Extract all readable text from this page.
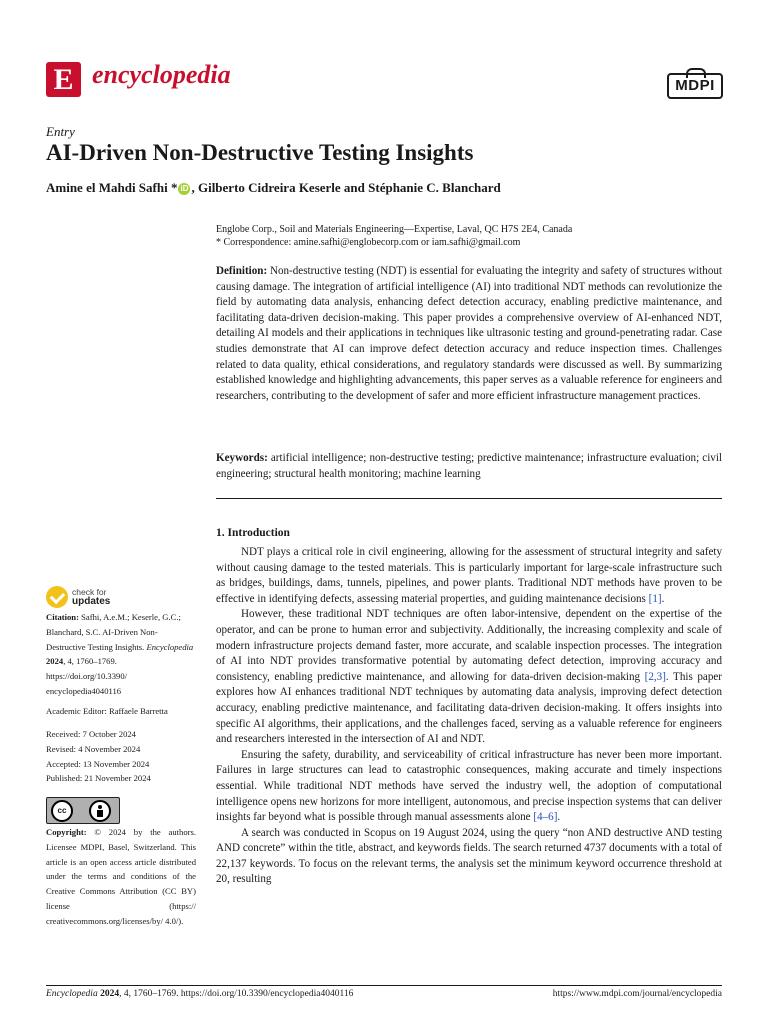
E encyclopedia	MDPI
Entry
AI-Driven Non-Destructive Testing Insights
Amine el Mahdi Safhi * iD , Gilberto Cidreira Keserle and Stéphanie C. Blanchard
Englobe Corp., Soil and Materials Engineering—Expertise, Laval, QC H7S 2E4, Canada
* Correspondence: amine.safhi@englobecorp.com or iam.safhi@gmail.com
Definition: Non-destructive testing (NDT) is essential for evaluating the integrity and safety of structures without causing damage. The integration of artificial intelligence (AI) into traditional NDT methods can revolutionize the field by automating data analysis, enhancing defect detection accuracy, enabling predictive maintenance, and facilitating data-driven decision-making. This paper provides a comprehensive overview of AI-enhanced NDT, detailing AI models and their applications in techniques like ultrasonic testing and ground-penetrating radar. Case studies demonstrate that AI can improve defect detection accuracy and reduce inspection times. Challenges related to data quality, ethical considerations, and regulatory standards were discussed as well. By summarizing established knowledge and highlighting advancements, this paper serves as a valuable reference for engineers and researchers, contributing to the development of safer and more efficient infrastructure management practices.
Keywords: artificial intelligence; non-destructive testing; predictive maintenance; infrastructure evaluation; civil engineering; structural health monitoring; machine learning
1. Introduction

NDT plays a critical role in civil engineering, allowing for the assessment of structural integrity and safety without causing damage to the tested materials. This is particularly important for large-scale infrastructure such as bridges, buildings, dams, tunnels, pipelines, and power plants. Traditional NDT methods have proven to be effective in identifying defects, assessing material properties, and guiding maintenance decisions [1].

However, these traditional NDT techniques are often labor-intensive, dependent on the expertise of the operator, and can be prone to human error and subjectivity. Additionally, the increasing complexity and scale of modern infrastructure projects demand faster, more accurate, and scalable inspection processes. The integration of AI into NDT provides transformative potential by automating defect detection, improving accuracy and consistency, enabling predictive maintenance, and allowing for data-driven decision-making [2,3]. This paper explores how AI enhances traditional NDT techniques by automating data analysis, improving defect detection accuracy, enabling predictive maintenance, and facilitating data-driven decision-making. It offers insights into specific AI algorithms, their applications, and the challenges faced, serving as a valuable reference for engineers and researchers interested in the intersection of AI and NDT.

Ensuring the safety, durability, and serviceability of critical infrastructure has never been more important. Failures in large structures can lead to catastrophic consequences, making accurate and timely inspections essential. While traditional NDT methods have served the industry well, the adoption of computational intelligence opens new horizons for more intelligent, autonomous, and precise inspection systems that can deliver insights far beyond what is possible through manual assessments alone [4–6].

A search was conducted in Scopus on 19 August 2024, using the query “non AND destructive AND testing AND concrete” within the title, abstract, and keywords fields. The search returned 4737 documents with a total of 22,137 keywords. To focus on the relevant terms, the analysis set the minimum keyword occurrence threshold at 20, resulting

check for
updates
Citation: Safhi, A.e.M.; Keserle, G.C.; Blanchard, S.C. AI-Driven Non-Destructive Testing Insights. Encyclopedia 2024, 4, 1760–1769. https://doi.org/10.3390/ encyclopedia4040116
Academic Editor: Raffaele Barretta
Received: 7 October 2024
Revised: 4 November 2024
Accepted: 13 November 2024
Published: 21 November 2024
cc
Copyright: © 2024 by the authors. Licensee MDPI, Basel, Switzerland. This article is an open access article distributed under the terms and conditions of the Creative Commons Attribution (CC BY) license (https:// creativecommons.org/licenses/by/ 4.0/).
Encyclopedia 2024, 4, 1760–1769. https://doi.org/10.3390/encyclopedia4040116	https://www.mdpi.com/journal/encyclopedia
